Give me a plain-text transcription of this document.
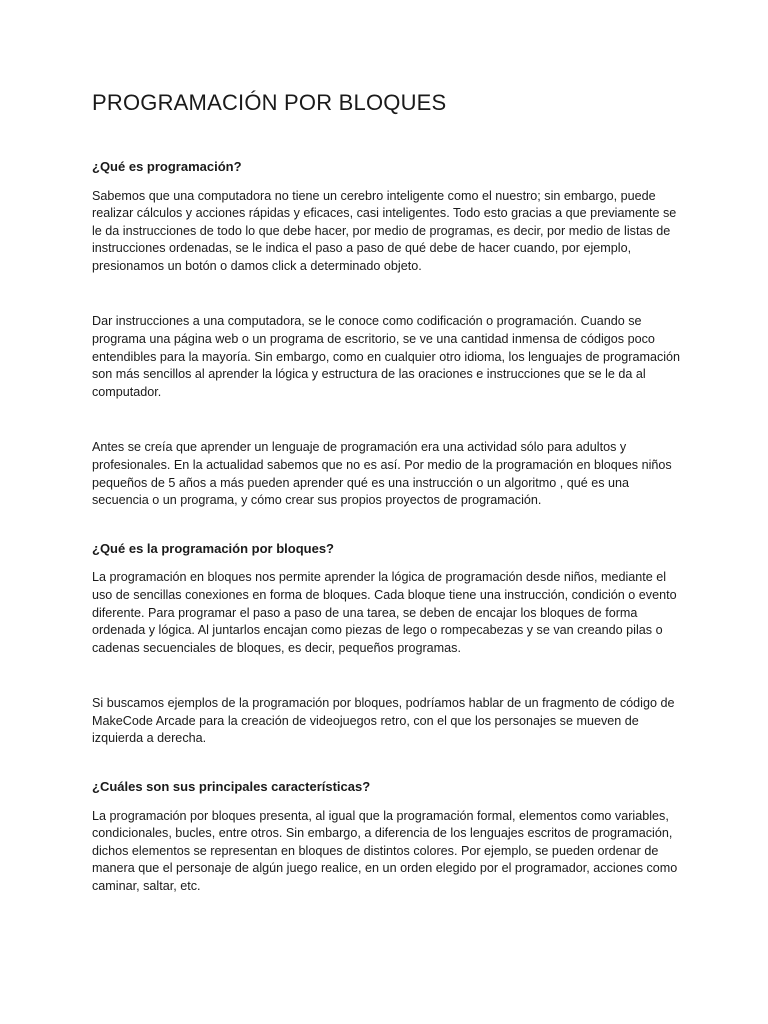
PROGRAMACIÓN POR BLOQUES
¿Qué es programación?

Sabemos que una computadora no tiene un cerebro inteligente como el nuestro; sin embargo, puede realizar cálculos y acciones rápidas y eficaces, casi inteligentes. Todo esto gracias a que previamente se le da instrucciones de todo lo que debe hacer, por medio de programas, es decir, por medio de listas de instrucciones ordenadas, se le indica el paso a paso de qué debe de hacer cuando, por ejemplo, presionamos un botón o damos click a determinado objeto.

Dar instrucciones a una computadora, se le conoce como codificación o programación. Cuando se programa una página web o un programa de escritorio, se ve una cantidad inmensa de códigos poco entendibles para la mayoría. Sin embargo, como en cualquier otro idioma, los lenguajes de programación son más sencillos al aprender la lógica y estructura de las oraciones e instrucciones que se le da al computador.

Antes se creía que aprender un lenguaje de programación era una actividad sólo para adultos y profesionales. En la actualidad sabemos que no es así. Por medio de la programación en bloques niños pequeños de 5 años a más pueden aprender qué es una instrucción o un algoritmo , qué es una secuencia o un programa, y cómo crear sus propios proyectos de programación.

¿Qué es la programación por bloques?

La programación en bloques nos permite aprender la lógica de programación desde niños, mediante el uso de sencillas conexiones en forma de bloques. Cada bloque tiene una instrucción, condición o evento diferente. Para programar el paso a paso de una tarea, se deben de encajar los bloques de forma ordenada y lógica. Al juntarlos encajan como piezas de lego o rompecabezas y se van creando pilas o cadenas secuenciales de bloques, es decir, pequeños programas.

Si buscamos ejemplos de la programación por bloques, podríamos hablar de un fragmento de código de MakeCode Arcade para la creación de videojuegos retro, con el que los personajes se mueven de izquierda a derecha.

¿Cuáles son sus principales características?

La programación por bloques presenta, al igual que la programación formal, elementos como variables, condicionales, bucles, entre otros. Sin embargo, a diferencia de los lenguajes escritos de programación, dichos elementos se representan en bloques de distintos colores. Por ejemplo, se pueden ordenar de manera que el personaje de algún juego realice, en un orden elegido por el programador, acciones como caminar, saltar, etc.
